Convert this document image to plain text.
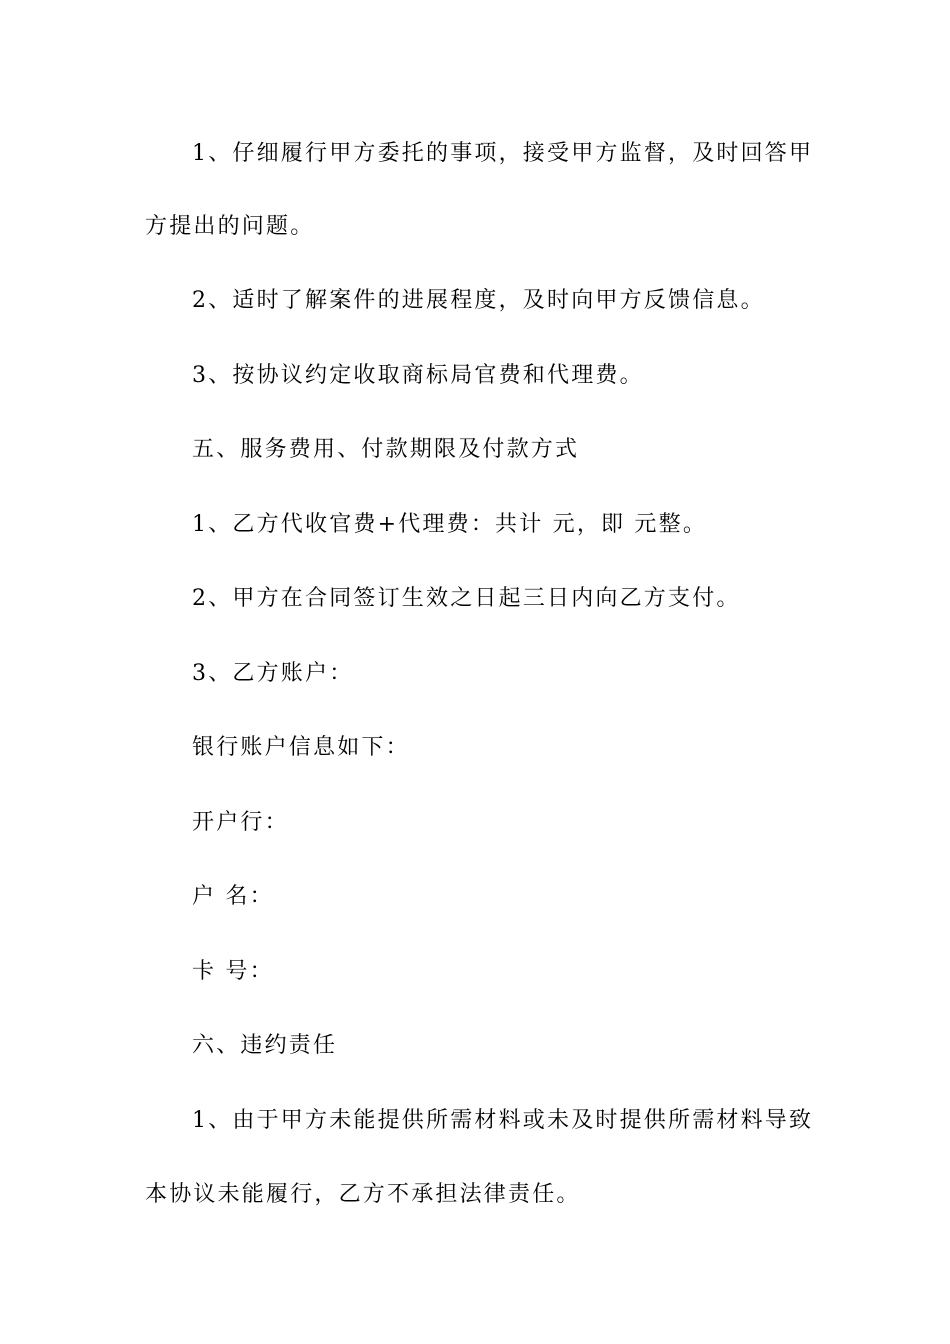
1、仔细履行甲方委托的事项，接受甲方监督，及时回答甲
方提出的问题。
2、适时了解案件的进展程度，及时向甲方反馈信息。
3、按协议约定收取商标局官费和代理费。
五、服务费用、付款期限及付款方式
1、乙方代收官费+代理费：共计 元，即 元整。
2、甲方在合同签订生效之日起三日内向乙方支付。
3、乙方账户：
银行账户信息如下：
开户行：
户 名：
卡 号：
六、违约责任
1、由于甲方未能提供所需材料或未及时提供所需材料导致
本协议未能履行，乙方不承担法律责任。
